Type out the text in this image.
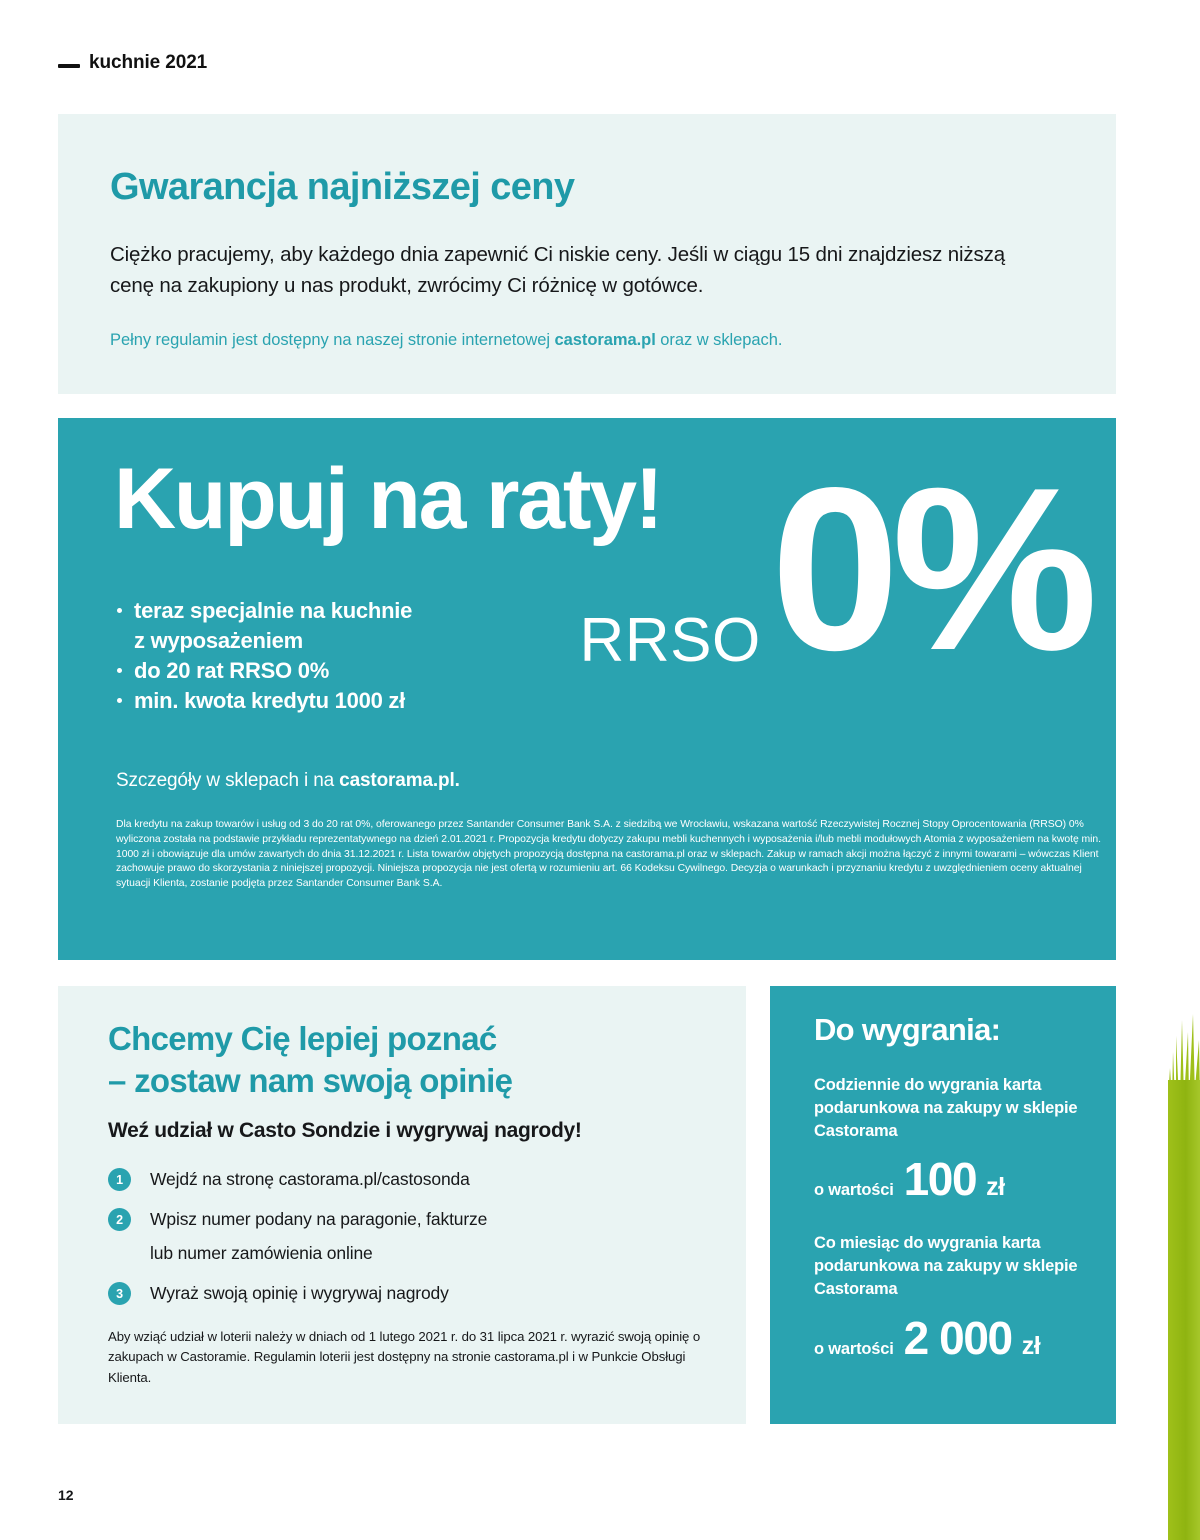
kuchnie 2021
Gwarancja najniższej ceny

Ciężko pracujemy, aby każdego dnia zapewnić Ci niskie ceny. Jeśli w ciągu 15 dni znajdziesz niższą cenę na zakupiony u nas produkt, zwrócimy Ci różnicę w gotówce.

Pełny regulamin jest dostępny na naszej stronie internetowej castorama.pl oraz w sklepach.

Kupuj na raty!
RRSO 0%
teraz specjalnie na kuchnie
z wyposażeniem
do 20 rat RRSO 0%
min. kwota kredytu 1000 zł

Szczegóły w sklepach i na castorama.pl.

Dla kredytu na zakup towarów i usług od 3 do 20 rat 0%, oferowanego przez Santander Consumer Bank S.A. z siedzibą we Wrocławiu, wskazana wartość Rzeczywistej Rocznej Stopy Oprocentowania (RRSO) 0% wyliczona została na podstawie przykładu reprezentatywnego na dzień 2.01.2021 r. Propozycja kredytu dotyczy zakupu mebli kuchennych i wyposażenia i/lub mebli modułowych Atomia z wyposażeniem na kwotę min. 1000 zł i obowiązuje dla umów zawartych do dnia 31.12.2021 r. Lista towarów objętych propozycją dostępna na castorama.pl oraz w sklepach. Zakup w ramach akcji można łączyć z innymi towarami – wówczas Klient zachowuje prawo do skorzystania z niniejszej propozycji. Niniejsza propozycja nie jest ofertą w rozumieniu art. 66 Kodeksu Cywilnego. Decyzja o warunkach i przyznaniu kredytu z uwzględnieniem oceny aktualnej sytuacji Klienta, zostanie podjęta przez Santander Consumer Bank S.A.

Chcemy Cię lepiej poznać
– zostaw nam swoją opinię

Weź udział w Casto Sondzie i wygrywaj nagrody!

1	Wejdź na stronę castorama.pl/castosonda
2	Wpisz numer podany na paragonie, fakturze
lub numer zamówienia online
3	Wyraż swoją opinię i wygrywaj nagrody

Aby wziąć udział w loterii należy w dniach od 1 lutego 2021 r. do 31 lipca 2021 r. wyrazić swoją opinię o zakupach w Castoramie. Regulamin loterii jest dostępny na stronie castorama.pl i w Punkcie Obsługi Klienta.

Do wygrania:

Codziennie do wygrania karta podarunkowa na zakupy w sklepie Castorama

o wartości 100 zł

Co miesiąc do wygrania karta podarunkowa na zakupy w sklepie Castorama

o wartości 2 000 zł
12
